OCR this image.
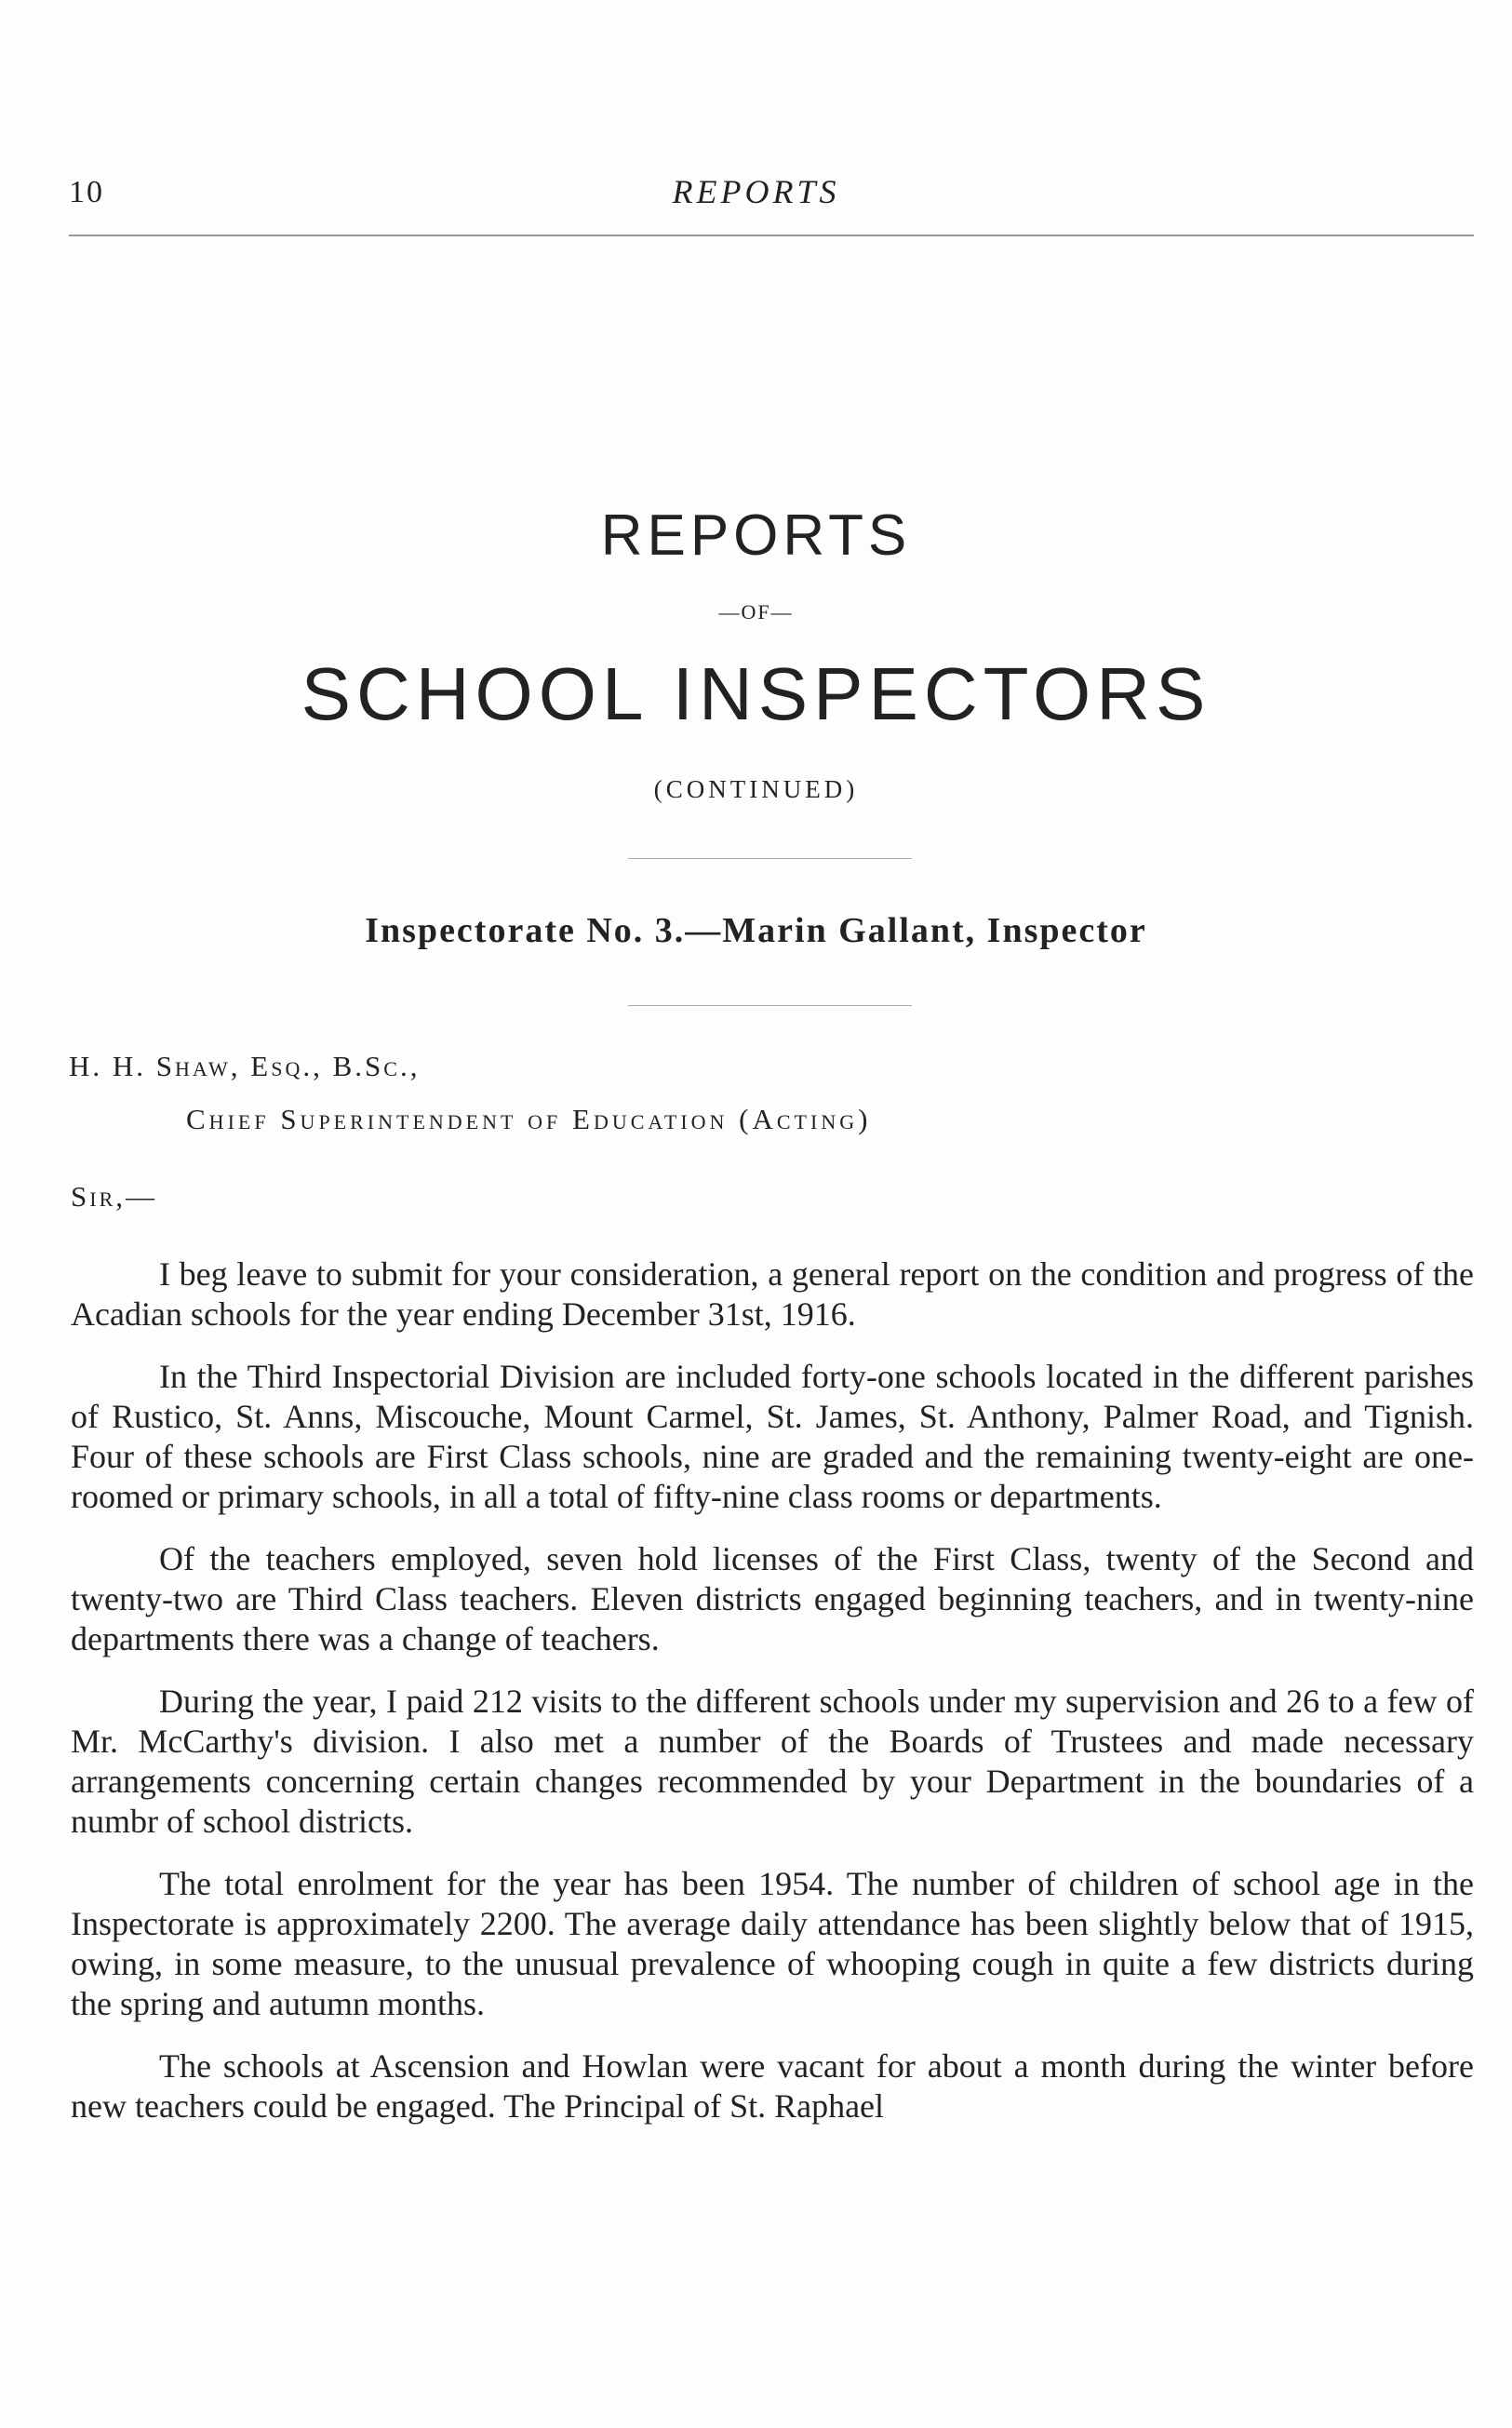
10	REPORTS
REPORTS
—OF—
SCHOOL INSPECTORS
(CONTINUED)
Inspectorate No. 3.—Marin Gallant, Inspector
H. H. Shaw, Esq., B.Sc.,
Chief Superintendent of Education (Acting)
Sir,—

I beg leave to submit for your consideration, a general report on the condition and progress of the Acadian schools for the year ending December 31st, 1916.

In the Third Inspectorial Division are included forty-one schools located in the different parishes of Rustico, St. Anns, Miscouche, Mount Carmel, St. James, St. Anthony, Palmer Road, and Tignish. Four of these schools are First Class schools, nine are graded and the remaining twenty-eight are one-roomed or primary schools, in all a total of fifty-nine class rooms or departments.

Of the teachers employed, seven hold licenses of the First Class, twenty of the Second and twenty-two are Third Class teachers. Eleven districts engaged beginning teachers, and in twenty-nine departments there was a change of teachers.

During the year, I paid 212 visits to the different schools under my supervision and 26 to a few of Mr. McCarthy's division. I also met a number of the Boards of Trustees and made necessary arrangements concerning certain changes recommended by your Department in the boundaries of a numbr of school districts.

The total enrolment for the year has been 1954. The number of children of school age in the Inspectorate is approximately 2200. The average daily attendance has been slightly below that of 1915, owing, in some measure, to the unusual prevalence of whooping cough in quite a few districts during the spring and autumn months.

The schools at Ascension and Howlan were vacant for about a month during the winter before new teachers could be engaged. The Principal of St. Raphael
